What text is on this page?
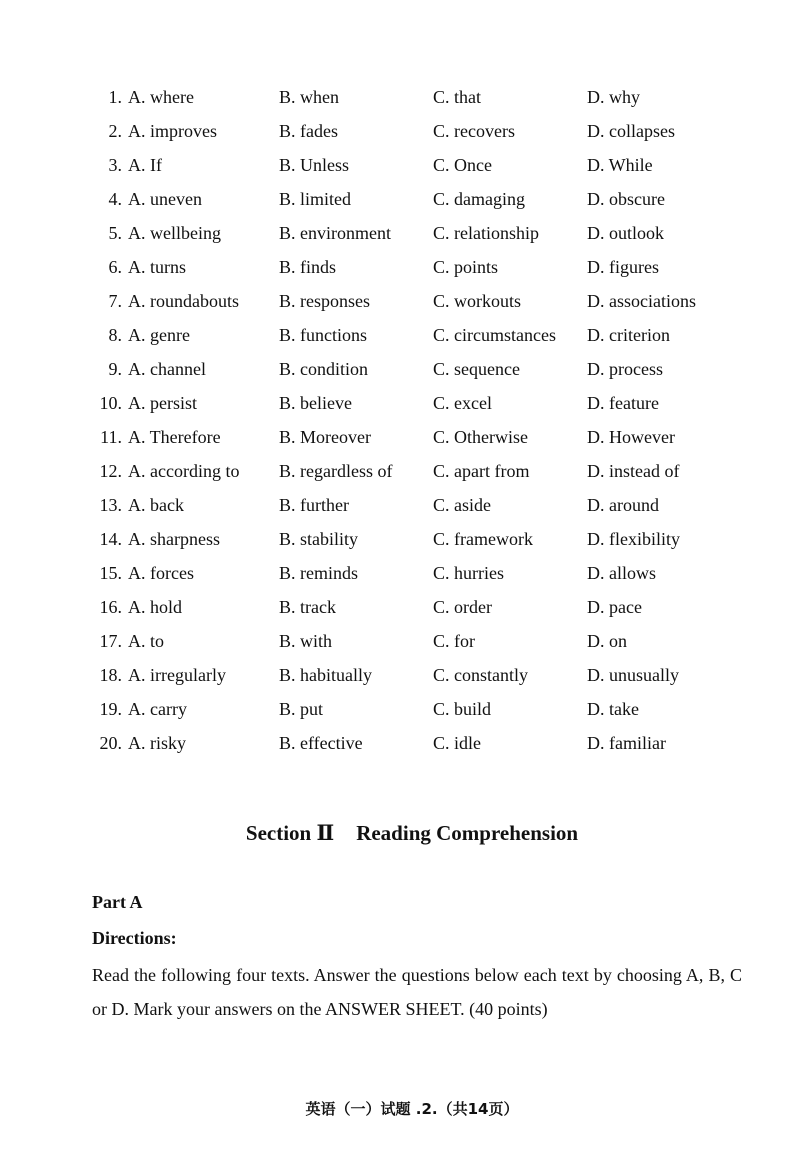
1. A. where	B. when	C. that	D. why
2. A. improves	B. fades	C. recovers	D. collapses
3. A. If	B. Unless	C. Once	D. While
4. A. uneven	B. limited	C. damaging	D. obscure
5. A. wellbeing	B. environment C. relationship	D. outlook
6. A. turns	B. finds	C. points	D. figures
7. A. roundabouts B. responses	C. workouts	D. associations
8. A. genre	B. functions	C. circumstances D. criterion
9. A. channel	B. condition	C. sequence	D. process
10. A. persist	B. believe	C. excel	D. feature
11. A. Therefore	B. Moreover	C. Otherwise	D. However
12. A. according to B. regardless of C. apart from	D. instead of
13. A. back	B. further	C. aside	D. around
14. A. sharpness	B. stability	C. framework	D. flexibility
15. A. forces	B. reminds	C. hurries	D. allows
16. A. hold	B. track	C. order	D. pace
17. A. to	B. with	C. for	D. on
18. A. irregularly	B. habitually	C. constantly	D. unusually
19. A. carry	B. put	C. build	D. take
20. A. risky	B. effective	C. idle	D. familiar
Section Ⅱ Reading Comprehension
Part A
Directions:
Read the following four texts. Answer the questions below each text by choosing A, B, C or D. Mark your answers on the ANSWER SHEET. (40 points)
英语（一）试题 .2.（共14页）
